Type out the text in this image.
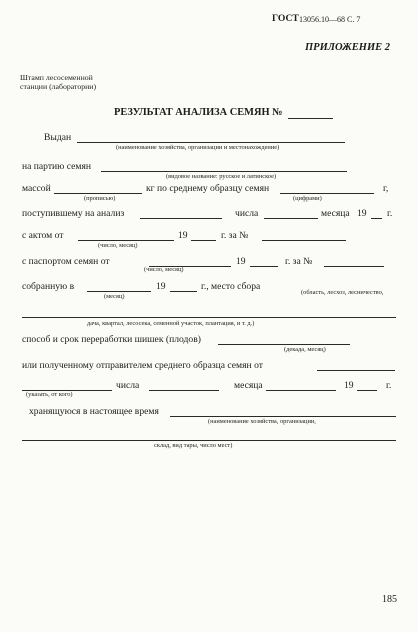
ГОСТ 13056.10—68 С. 7
ПРИЛОЖЕНИЕ 2
Штамп лесосеменной
станции (лаборатории)
РЕЗУЛЬТАТ АНАЛИЗА СЕМЯН №
Выдан
(наименование хозяйства, организации и местонахождение)
на партию семян
(видовое название: русское и латинское)
массой	кг по среднему образцу семян	г,
(прописью)	(цифрами)
поступившему на анализ	числа	месяца 19 г.
с актом от	19	г. за №
(число, месяц)
с паспортом семян от	19	г. за №
(число, месяц)
собранную в	19	г., место сбора
(область, лесхоз, лесничество,
(месяц)
дача, квартал, лесосека, семенной участок, плантация, и т. д.)
способ и срок переработки шишек (плодов)
(декада, месяц)
или полученному отправителем среднего образца семян от
числа	месяца	19	г.
(указать, от кого)
хранящуюся в настоящее время
(наименование хозяйства, организации,
склад, вид тары, число мест)
185
